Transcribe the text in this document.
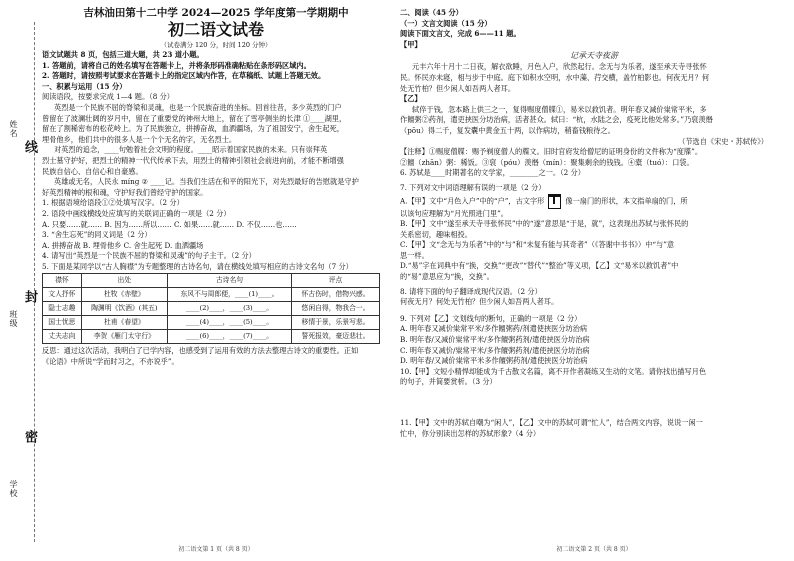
姓名
班级
学校
线
封
密
吉林油田第十二中学 2024—2025 学年度第一学期期中
初二语文试卷
（试卷满分 120 分，时间 120 分钟）
语文试题共 8 页，包括三道大题，共 23 道小题。
1. 答题前，请将自己的姓名填写在答题卡上，并将条形码准确粘贴在条形码区域内。
2. 答题时，请按照考试要求在答题卡上的指定区域内作答，在草稿纸、试题上答题无效。
一、积累与运用（15 分）
阅读语段，按要求完成 1—4 题。（8 分）
英烈是一个民族不屈的脊梁和灵魂，也是一个民族奋进的坐标。回首往昔，多少英烈的门户
曾留在了波澜壮阔的岁月中，留在了重要党的神州大地上，留在了雪亭侧坐的长津 ①____湖里，
留在了割稀密布的松花岭上。为了民族独立，拼搏奋战，血洒疆场，为了祖国安宁，舍生起死，
埋骨他乡，他们共中的很多人是一个个无名的字，无名烈士。
对英烈的追念，____句勉着社会文明的程度。____昭示着国家民族的未来。只有崇拜英
烈士墓守护好，把烈士的精神一代代传承下去，用烈士的精神引领社会前进向前，才能不断增强
民族自信心、自信心和自豪感。
英雄或无名，人民永 mínɡ ② ____记。当我们生活在和平的阳光下，对先烈最好的告慰就是守护
好英烈精神的根和魂，守护好我们曾经守护的国家。
1. 根据语境给语段①②处填写汉字。（2 分）
2. 语段中画线横线处应填写的关联词正确的一项是（2 分）
A. 只要……就…… B. 因为……所以…… C. 如果……就…… D. 不仅……也……
3. “舍生忘死”的同义词是（2 分）
A. 拼搏奋战 B. 埋骨他乡 C. 舍生起死 D. 血洒疆场
4. 请写出“英烈是一个民族不屈的脊梁和灵魂”的句子主干。（2 分）
5. 下面是某同学以“古人胸襟”为专题整理的古诗名句，请在横线处填写相应的古诗文名句（7 分）
襟怀	出处	古诗名句	评点
文人抒怀	杜牧《赤壁》	东风不与周郎便，____(1)____。	怀古伤时，借物兴感。
隐士志趣	陶渊明《饮酒》(其五)	____(2)____，____(3)____。	悠闲自得，物我合一。
国士忧思	杜甫《春望》	____(4)____，____(5)____。	移情于景，乐景写悲。
丈夫志向	李贺《雁门太守行》	____(6)____，____(7)____。	誓死报效，豪迈悲壮。
反思：通过这次活动，我明白了已学内容，也感受到了运用有效的方法去整理古诗文的重要性。正如
《论语》中所说“学而时习之，不亦说乎”。
初二语文第 1 页（共 8 页）
二、阅读（45 分）
（一）文言文阅读（15 分）
阅读下面文言文，完成 6——11 题。
【甲】
记承天寺夜游
元丰六年十月十二日夜，解衣欲睡，月色入户，欣然起行。念无与为乐者，遂至承天寺寻张怀
民。怀民亦未寝，相与步于中庭。庭下如积水空明，水中藻、荇交横，盖竹柏影也。何夜无月？何
处无竹柏？但少闲人如吾两人者耳。
【乙】
轼倅于钱，忽本路上供三之一，复得赐度僧牒①，易米以救饥者。明年春又减价粜常平米，多
作饘粥②药剂，遣吏挟医分坊治病，活者甚众。轼曰：“杭，水陆之会，疫死比他处常多。”乃裒羡缗
（pōu）得二千，复发囊中黄金五十两，以作病坊，稍畜钱粮待之。
（节选自《宋史・苏轼传》）
【注释】①赐度僧牒：赐予剃度僧人的牒文。旧时官府发给僧尼的证明身份的文件称为“度牒”。
②饘（zhān）粥：稀饭。③裒（póu）羡缗（mín）：聚集剩余的钱钱。④橐（tuó）：口袋。
6. 苏轼是____时期著名的文学家，________之一。（2 分）
7. 下列对文中词语理解有误的一项是（2 分）
A.【甲】文中“月色入户”中的“户”，古文字形	像一扇门的形状，本文指单扇的门，所
以该句应理解为“月光照进门里”。
B.【甲】文中“遂至承天寺寻张怀民”中的“遂”意思是“于是，就”，这表现出苏轼与张怀民的
关系密切，趣味相投。
C.【甲】文“念无与为乐者”中的“与”和“未复有能与其奇者”（《答谢中书书》）中“与”意
思一样。
D.“易”字在词典中有“换，交换”“更改”“替代”“整治”等义项，【乙】文“易米以救饥者”中
的“易”意思应为“换，交换”。
8. 请将下面的句子翻译成现代汉语。（2 分）
何夜无月？何处无竹柏？但少闲人如吾两人者耳。
9. 下列对【乙】文划线句的断句，正确的一项是（2 分）
A. 明年春又减价粜常平米/多作饘粥药/剂遣使挟医分坊治病
B. 明年春/又减价粜常平米/多作饘粥药剂/遣使挟医分坊治病
C. 明年春又减价/粜常平米/多作饘粥药剂/遣使挟医分坊治病
D. 明年春/又减价粜常平米多作饘粥药剂/遣使挟医分坊治病
10.【甲】文短小精悍却能成为千古散文名篇，离不开作者凝练又生动的文笔。请你找出描写月色
的句子，并简要赏析。（3 分）
11.【甲】文中的苏轼自嘲为“闲人”，【乙】文中的苏轼可谓“忙人”，结合两文内容，说说一闲一
忙中，你分别读出怎样的苏轼形象?（4 分）
初二语文第 2 页（共 8 页）
